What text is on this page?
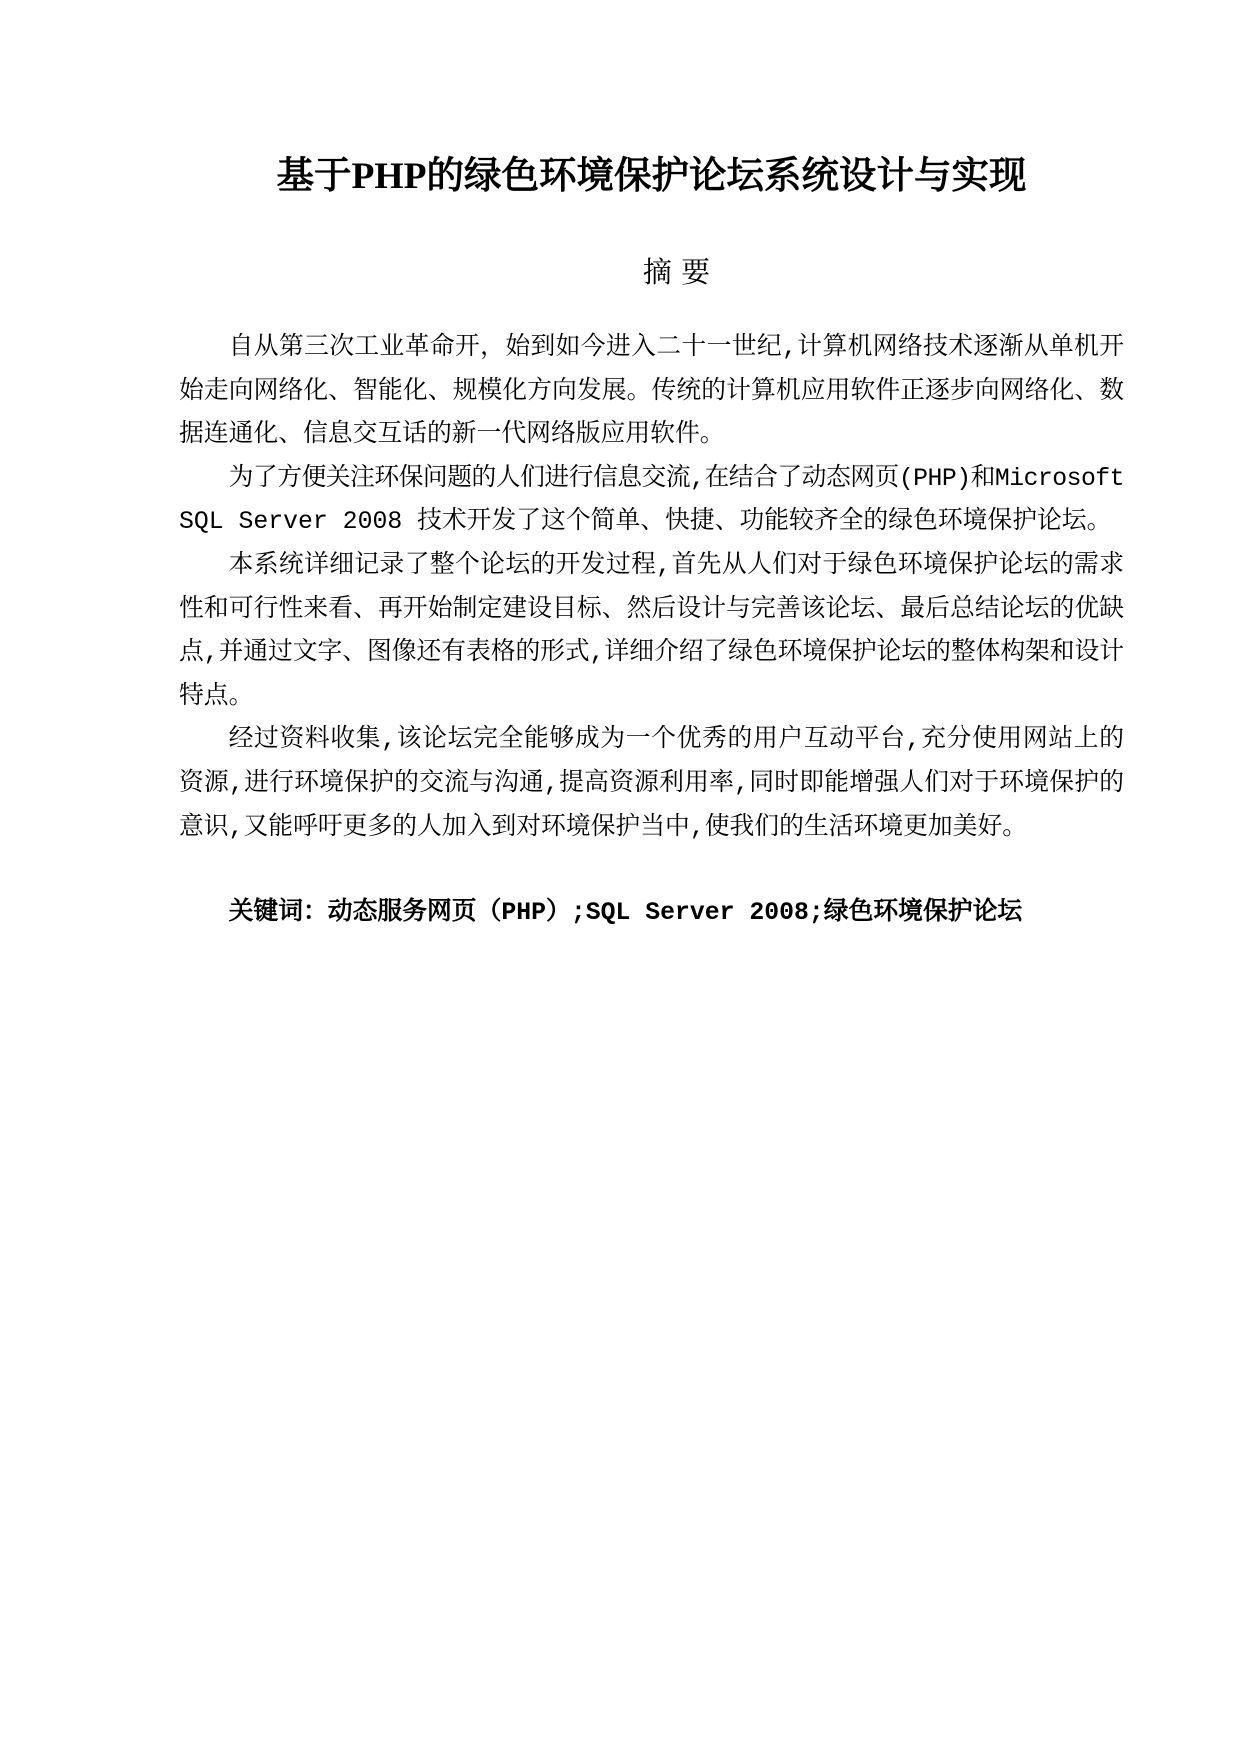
基于PHP的绿色环境保护论坛系统设计与实现
摘 要
自从第三次工业革命开，始到如今进入二十一世纪,计算机网络技术逐渐从单机开
始走向网络化、智能化、规模化方向发展。传统的计算机应用软件正逐步向网络化、数
据连通化、信息交互话的新一代网络版应用软件。
为了方便关注环保问题的人们进行信息交流,在结合了动态网页(PHP)和Microsoft
SQL Server 2008 技术开发了这个简单、快捷、功能较齐全的绿色环境保护论坛。
本系统详细记录了整个论坛的开发过程,首先从人们对于绿色环境保护论坛的需求
性和可行性来看、再开始制定建设目标、然后设计与完善该论坛、最后总结论坛的优缺
点,并通过文字、图像还有表格的形式,详细介绍了绿色环境保护论坛的整体构架和设计
特点。
经过资料收集,该论坛完全能够成为一个优秀的用户互动平台,充分使用网站上的
资源,进行环境保护的交流与沟通,提高资源利用率,同时即能增强人们对于环境保护的
意识,又能呼吁更多的人加入到对环境保护当中,使我们的生活环境更加美好。
关键词：动态服务网页（PHP）;SQL Server 2008;绿色环境保护论坛
